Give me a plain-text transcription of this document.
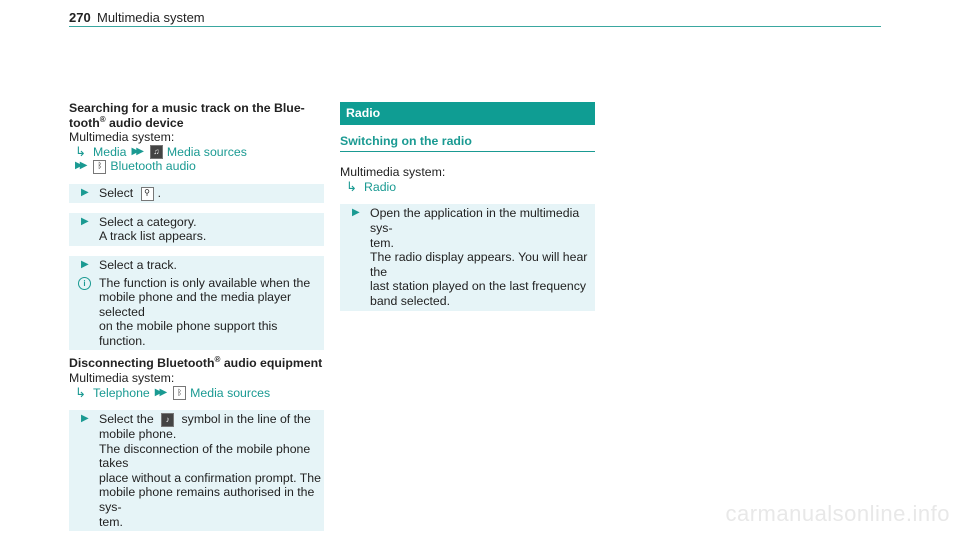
270 Multimedia system
Searching for a music track on the Blue-
tooth® audio device
Multimedia system:
↳ Media ▶▶	♫ Media sources
▶▶	ᛒ Bluetooth audio
▶ Select ⚲ .
▶ Select a category.
A track list appears.
▶ Select a track.
i	The function is only available when the
mobile phone and the media player selected
on the mobile phone support this function.
Disconnecting Bluetooth® audio equipment
Multimedia system:
↳ Telephone ▶▶	ᛒ Media sources
▶ Select the ♪ symbol in the line of the
mobile phone.
The disconnection of the mobile phone takes
place without a confirmation prompt. The
mobile phone remains authorised in the sys-
tem.
Radio
Switching on the radio
Multimedia system:
↳ Radio
▶ Open the application in the multimedia sys-
tem.
The radio display appears. You will hear the
last station played on the last frequency
band selected.
carmanualsonline.info
